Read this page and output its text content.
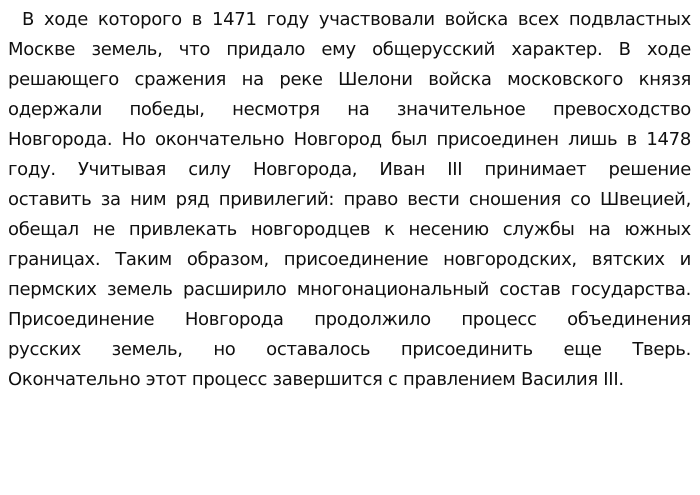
В ходе которого в 1471 году участвовали войска всех подвластных
Москве земель, что придало ему общерусский характер. В ходе
решающего сражения на реке Шелони войска московского князя
одержали победы, несмотря на значительное превосходство
Новгорода. Но окончательно Новгород был присоединен лишь в 1478
году. Учитывая силу Новгорода, Иван III принимает решение
оставить за ним ряд привилегий: право вести сношения со Швецией,
обещал не привлекать новгородцев к несению службы на южных
границах. Таким образом, присоединение новгородских, вятских и
пермских земель расширило многонациональный состав государства.
Присоединение Новгорода продолжило процесс объединения
русских земель, но оставалось присоединить еще Тверь.
Окончательно этот процесс завершится с правлением Василия III.
